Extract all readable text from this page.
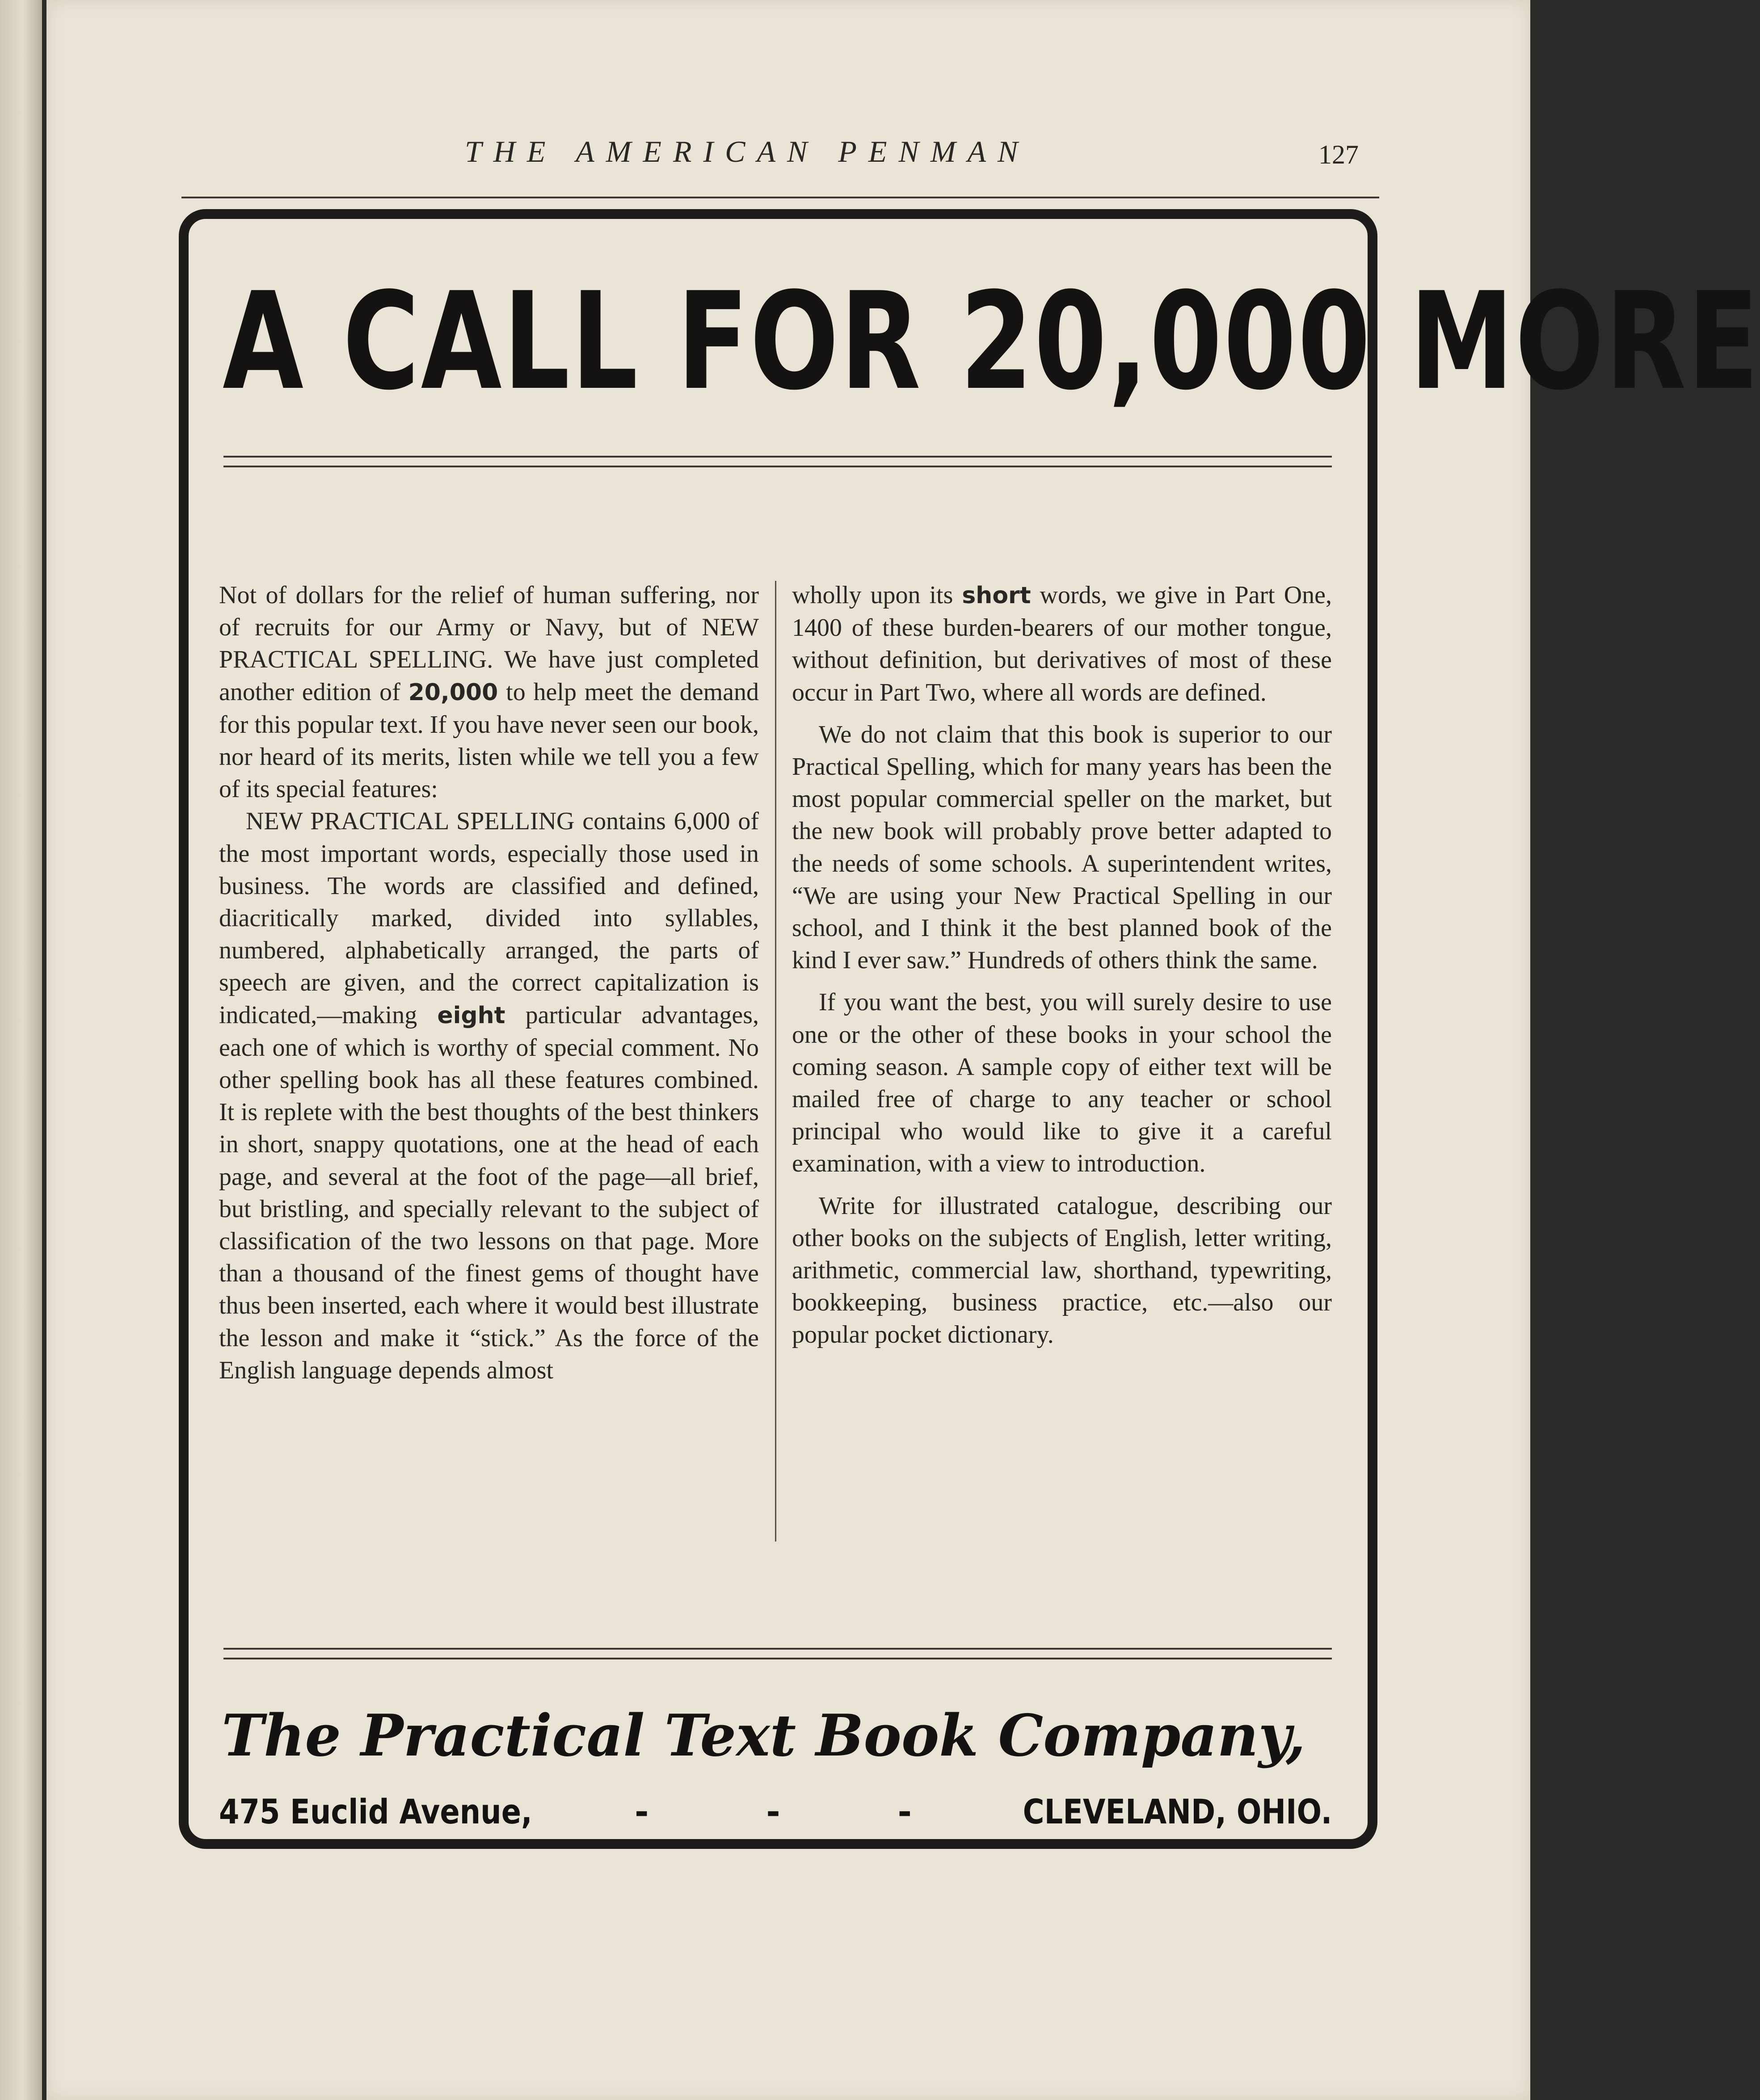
THE AMERICAN PENMAN	127
A CALL FOR 20,000 MORE

Not of dollars for the relief of human suffering, nor of recruits for our Army or Navy, but of NEW PRACTICAL SPELLING. We have just completed another edition of 20,000 to help meet the demand for this popular text. If you have never seen our book, nor heard of its merits, listen while we tell you a few of its special features:

NEW PRACTICAL SPELLING contains 6,000 of the most important words, especially those used in business. The words are classified and defined, diacritically marked, divided into syllables, numbered, alphabetically arranged, the parts of speech are given, and the correct capitalization is indicated,—making eight particular advantages, each one of which is worthy of special comment. No other spelling book has all these features combined. It is replete with the best thoughts of the best thinkers in short, snappy quotations, one at the head of each page, and several at the foot of the page—all brief, but bristling, and specially relevant to the subject of classification of the two lessons on that page. More than a thousand of the finest gems of thought have thus been inserted, each where it would best illustrate the lesson and make it “stick.” As the force of the English language depends almost

wholly upon its short words, we give in Part One, 1400 of these burden-bearers of our mother tongue, without definition, but derivatives of most of these occur in Part Two, where all words are defined.

We do not claim that this book is superior to our Practical Spelling, which for many years has been the most popular commercial speller on the market, but the new book will probably prove better adapted to the needs of some schools. A superintendent writes, “We are using your New Practical Spelling in our school, and I think it the best planned book of the kind I ever saw.” Hundreds of others think the same.

If you want the best, you will surely desire to use one or the other of these books in your school the coming season. A sample copy of either text will be mailed free of charge to any teacher or school principal who would like to give it a careful examination, with a view to introduction.

Write for illustrated catalogue, describing our other books on the subjects of English, letter writing, arithmetic, commercial law, shorthand, typewriting, bookkeeping, business practice, etc.—also our popular pocket dictionary.

The Practical Text Book Company,
475 Euclid Avenue,	-	-	-	CLEVELAND, OHIO.
